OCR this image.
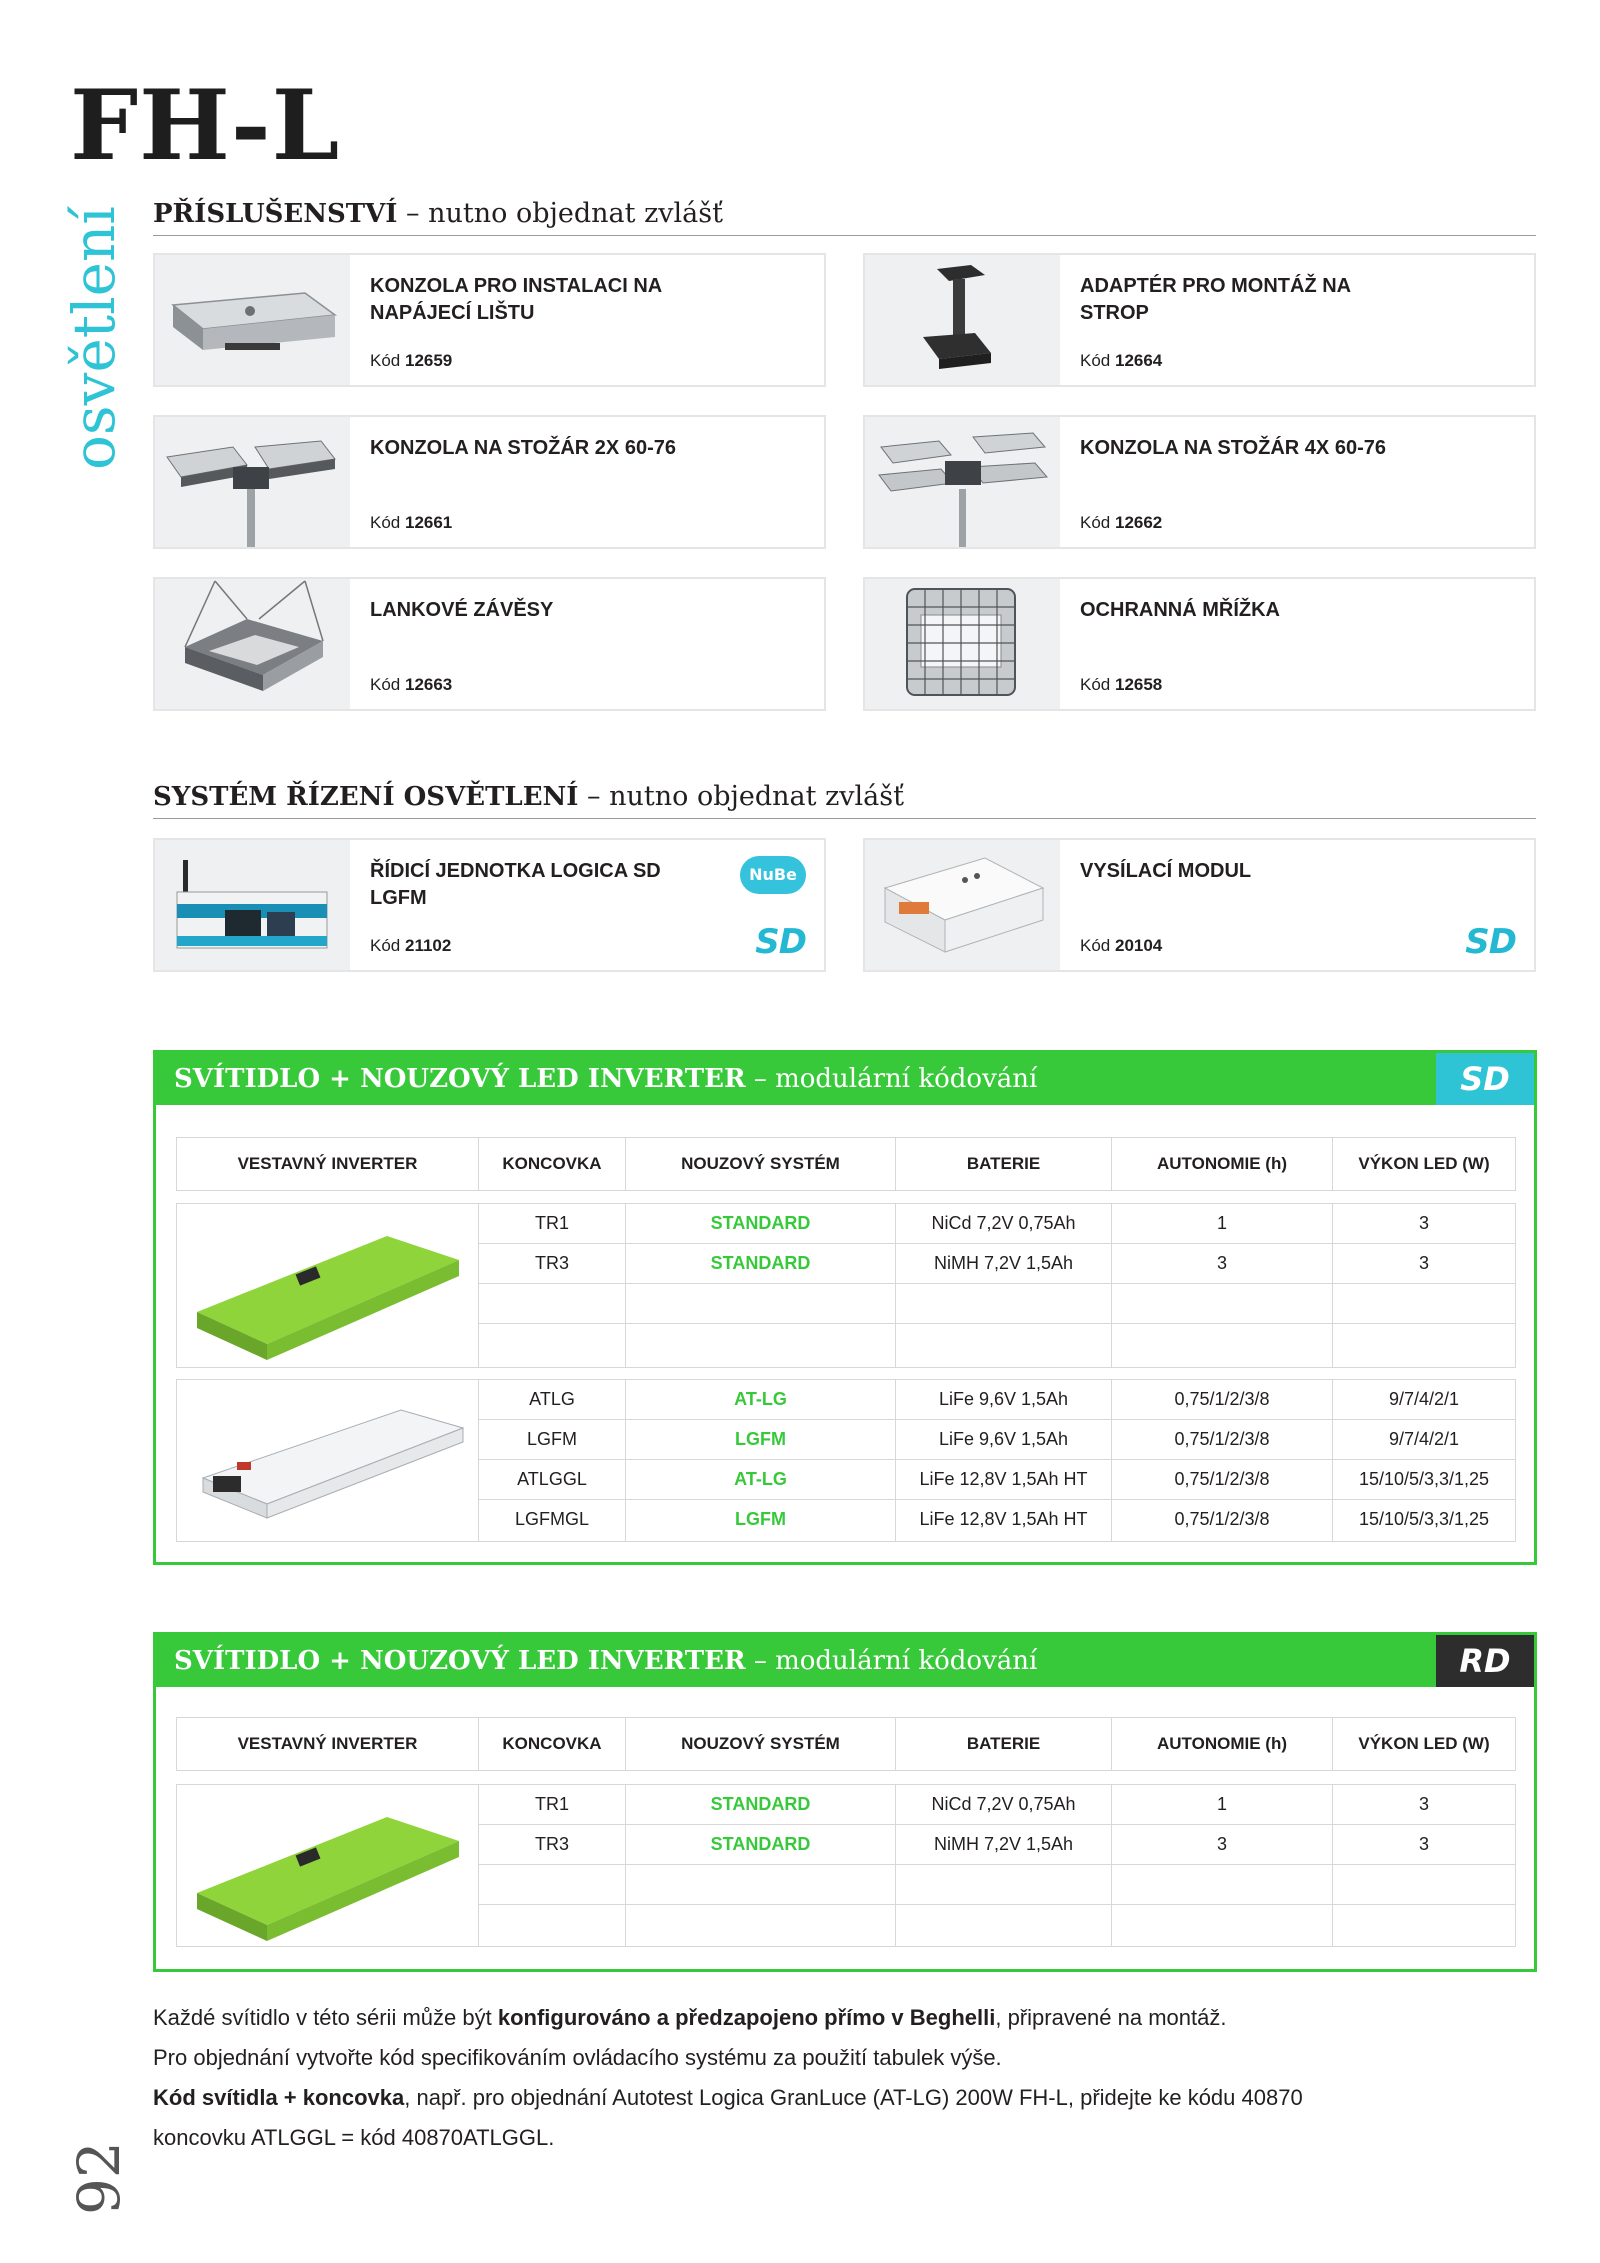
FH-L
osvětlení
92
PŘÍSLUŠENSTVÍ – nutno objednat zvlášť
KONZOLA PRO INSTALACI NA NAPÁJECÍ LIŠTU
Kód 12659
ADAPTÉR PRO MONTÁŽ NA STROP
Kód 12664
KONZOLA NA STOŽÁR 2X 60-76
Kód 12661
KONZOLA NA STOŽÁR 4X 60-76
Kód 12662
LANKOVÉ ZÁVĚSY
Kód 12663
OCHRANNÁ MŘÍŽKA
Kód 12658
SYSTÉM ŘÍZENÍ OSVĚTLENÍ – nutno objednat zvlášť
ŘÍDICÍ JEDNOTKA LOGICA SD LGFM
Kód 21102
NuBe
SD
VYSÍLACÍ MODUL
Kód 20104	SD
SVÍTIDLO + NOUZOVÝ LED INVERTER – modulární kódování	SD
VESTAVNÝ INVERTER	KONCOVKA	NOUZOVÝ SYSTÉM	BATERIE	AUTONOMIE (h)	VÝKON LED (W)
TR1	STANDARD	NiCd 7,2V 0,75Ah	1	3
TR3	STANDARD	NiMH 7,2V 1,5Ah	3	3
ATLG	AT-LG	LiFe 9,6V 1,5Ah	0,75/1/2/3/8	9/7/4/2/1
LGFM	LGFM	LiFe 9,6V 1,5Ah	0,75/1/2/3/8	9/7/4/2/1
ATLGGL	AT-LG	LiFe 12,8V 1,5Ah HT	0,75/1/2/3/8	15/10/5/3,3/1,25
LGFMGL	LGFM	LiFe 12,8V 1,5Ah HT	0,75/1/2/3/8	15/10/5/3,3/1,25
SVÍTIDLO + NOUZOVÝ LED INVERTER – modulární kódování	RD
VESTAVNÝ INVERTER	KONCOVKA	NOUZOVÝ SYSTÉM	BATERIE	AUTONOMIE (h)	VÝKON LED (W)
TR1	STANDARD	NiCd 7,2V 0,75Ah	1	3
TR3	STANDARD	NiMH 7,2V 1,5Ah	3	3
Každé svítidlo v této sérii může být konfigurováno a předzapojeno přímo v Beghelli, připravené na montáž.
Pro objednání vytvořte kód specifikováním ovládacího systému za použití tabulek výše.
Kód svítidla + koncovka, např. pro objednání Autotest Logica GranLuce (AT-LG) 200W FH-L, přidejte ke kódu 40870
koncovku ATLGGL = kód 40870ATLGGL.
